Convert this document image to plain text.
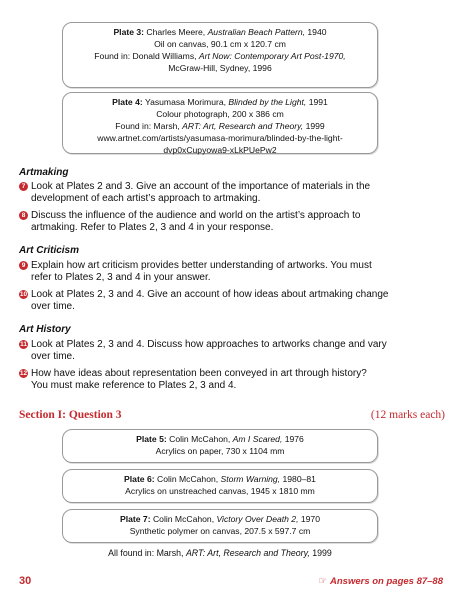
Plate 3: Charles Meere, Australian Beach Pattern, 1940
Oil on canvas, 90.1 cm x 120.7 cm
Found in: Donald Williams, Art Now: Contemporary Art Post-1970,
McGraw-Hill, Sydney, 1996
Plate 4: Yasumasa Morimura, Blinded by the Light, 1991
Colour photograph, 200 x 386 cm
Found in: Marsh, ART: Art, Research and Theory, 1999
www.artnet.com/artists/yasumasa-morimura/blinded-by-the-light-
dvp0xCupyowa9-xLkPUePw2
Artmaking
7 Look at Plates 2 and 3. Give an account of the importance of materials in the
development of each artist’s approach to artmaking.
8 Discuss the influence of the audience and world on the artist’s approach to
artmaking. Refer to Plates 2, 3 and 4 in your response.
Art Criticism
9 Explain how art criticism provides better understanding of artworks. You must
refer to Plates 2, 3 and 4 in your answer.
10 Look at Plates 2, 3 and 4. Give an account of how ideas about artmaking change
over time.
Art History
11 Look at Plates 2, 3 and 4. Discuss how approaches to artworks change and vary
over time.
12 How have ideas about representation been conveyed in art through history?
You must make reference to Plates 2, 3 and 4.
Section I: Question 3	(12 marks each)
Plate 5: Colin McCahon, Am I Scared, 1976
Acrylics on paper, 730 x 1104 mm
Plate 6: Colin McCahon, Storm Warning, 1980–81
Acrylics on unstreached canvas, 1945 x 1810 mm
Plate 7: Colin McCahon, Victory Over Death 2, 1970
Synthetic polymer on canvas, 207.5 x 597.7 cm
All found in: Marsh, ART: Art, Research and Theory, 1999
30	☞ Answers on pages 87–88
